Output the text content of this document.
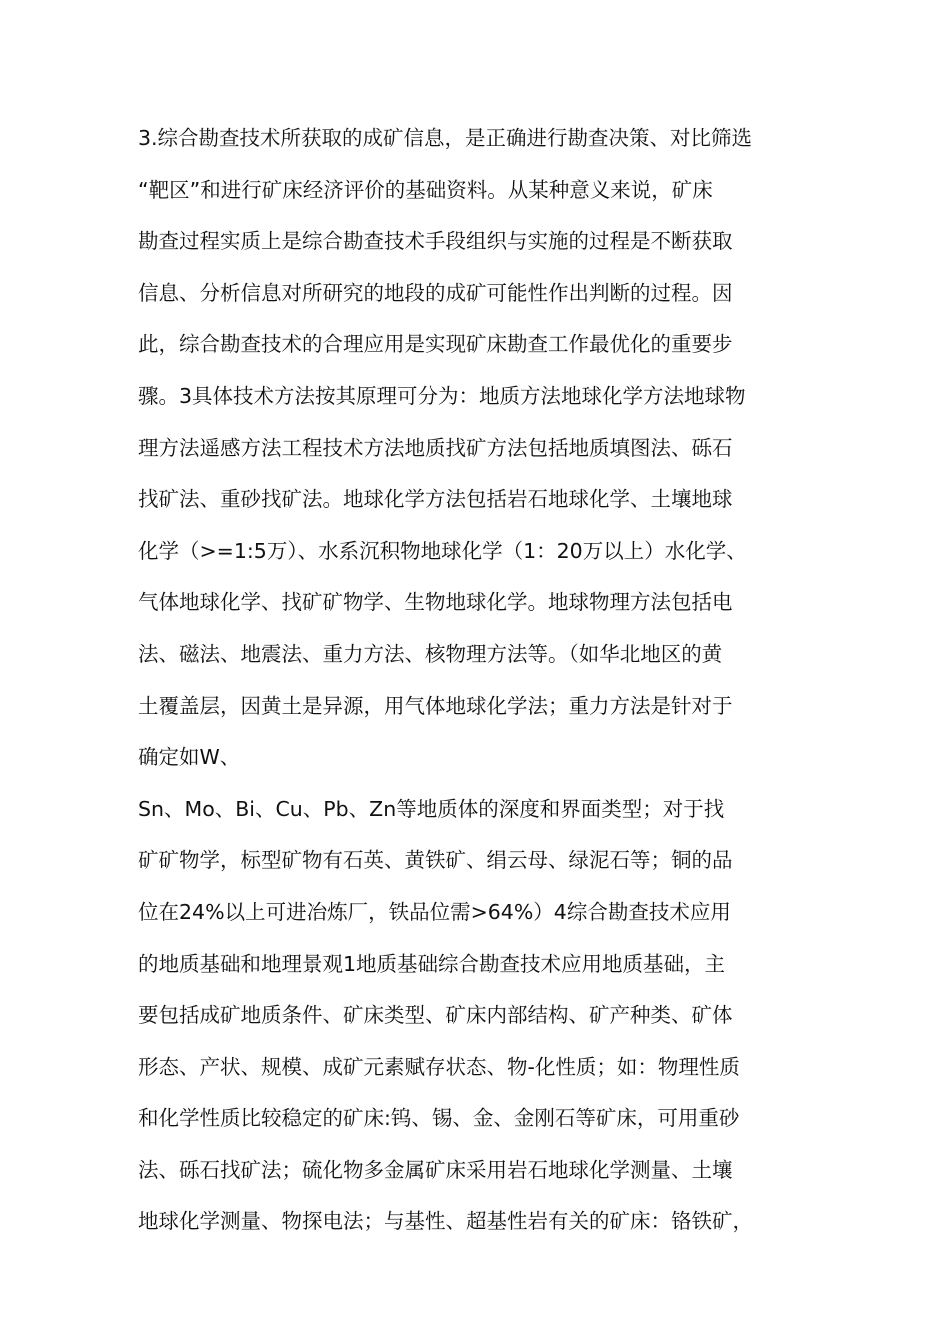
3.综合勘查技术所获取的成矿信息，是正确进行勘查决策、对比筛选
“靶区”和进行矿床经济评价的基础资料。从某种意义来说，矿床
勘查过程实质上是综合勘查技术手段组织与实施的过程是不断获取
信息、分析信息对所研究的地段的成矿可能性作出判断的过程。因
此，综合勘查技术的合理应用是实现矿床勘查工作最优化的重要步
骤。3具体技术方法按其原理可分为：地质方法地球化学方法地球物
理方法遥感方法工程技术方法地质找矿方法包括地质填图法、砾石
找矿法、重砂找矿法。地球化学方法包括岩石地球化学、土壤地球
化学（>=1:5万）、水系沉积物地球化学（1：20万以上）水化学、
气体地球化学、找矿矿物学、生物地球化学。地球物理方法包括电
法、磁法、地震法、重力方法、核物理方法等。（如华北地区的黄
土覆盖层，因黄土是异源，用气体地球化学法；重力方法是针对于
确定如W、
Sn、Mo、Bi、Cu、Pb、Zn等地质体的深度和界面类型；对于找
矿矿物学，标型矿物有石英、黄铁矿、绢云母、绿泥石等；铜的品
位在24%以上可进冶炼厂，铁品位需>64%）4综合勘查技术应用
的地质基础和地理景观1地质基础综合勘查技术应用地质基础，主
要包括成矿地质条件、矿床类型、矿床内部结构、矿产种类、矿体
形态、产状、规模、成矿元素赋存状态、物-化性质；如：物理性质
和化学性质比较稳定的矿床:钨、锡、金、金刚石等矿床，可用重砂
法、砾石找矿法；硫化物多金属矿床采用岩石地球化学测量、土壤
地球化学测量、物探电法；与基性、超基性岩有关的矿床：铬铁矿，
